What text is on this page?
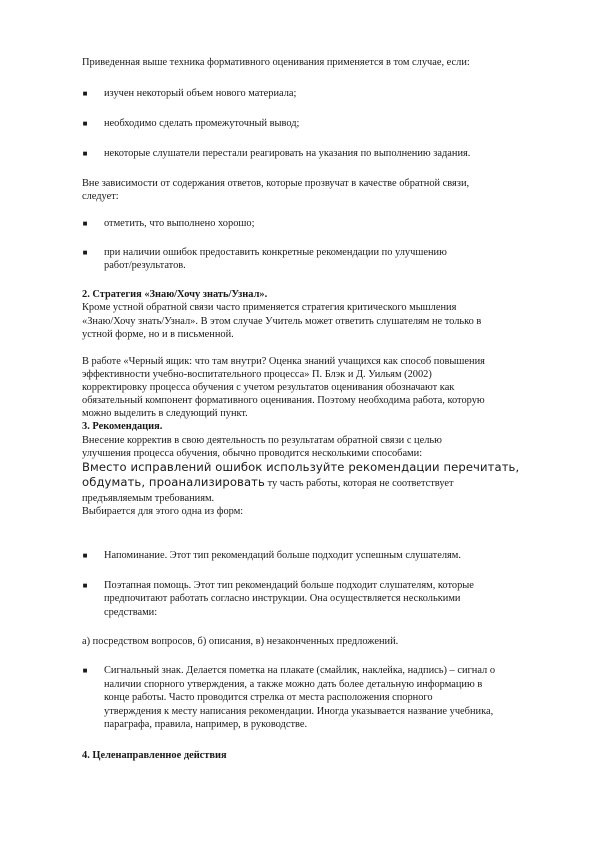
Приведенная выше техника формативного оценивания применяется в том случае, если:
■ изучен некоторый объем нового материала;
■ необходимо сделать промежуточный вывод;
■ некоторые слушатели перестали реагировать на указания по выполнению задания.
Вне зависимости от содержания ответов, которые прозвучат в качестве обратной связи,
следует:
■ отметить, что выполнено хорошо;
■ при наличии ошибок предоставить конкретные рекомендации по улучшению
работ/результатов.
2. Стратегия «Знаю/Хочу знать/Узнал».
Кроме устной обратной связи часто применяется стратегия критического мышления
«Знаю/Хочу знать/Узнал». В этом случае Учитель может ответить слушателям не только в
устной форме, но и в письменной.
В работе «Черный ящик: что там внутри? Оценка знаний учащихся как способ повышения
эффективности учебно-воспитательного процесса» П. Блэк и Д. Уильям (2002)
корректировку процесса обучения с учетом результатов оценивания обозначают как
обязательный компонент формативного оценивания. Поэтому необходима работа, которую
можно выделить в следующий пункт.
3. Рекомендация.
Внесение корректив в свою деятельность по результатам обратной связи с целью
улучшения процесса обучения, обычно проводится несколькими способами:
Вместо исправлений ошибок используйте рекомендации перечитать,
обдумать, проанализировать ту часть работы, которая не соответствует
предъявляемым требованиям.
Выбирается для этого одна из форм:
■ Напоминание. Этот тип рекомендаций больше подходит успешным слушателям.
■ Поэтапная помощь. Этот тип рекомендаций больше подходит слушателям, которые
предпочитают работать согласно инструкции. Она осуществляется несколькими
средствами:
а) посредством вопросов, б) описания, в) незаконченных предложений.
■ Сигнальный знак. Делается пометка на плакате (смайлик, наклейка, надпись) – сигнал о
наличии спорного утверждения, а также можно дать более детальную информацию в
конце работы. Часто проводится стрелка от места расположения спорного
утверждения к месту написания рекомендации. Иногда указывается название учебника,
параграфа, правила, например, в руководстве.
4. Целенаправленное действия
